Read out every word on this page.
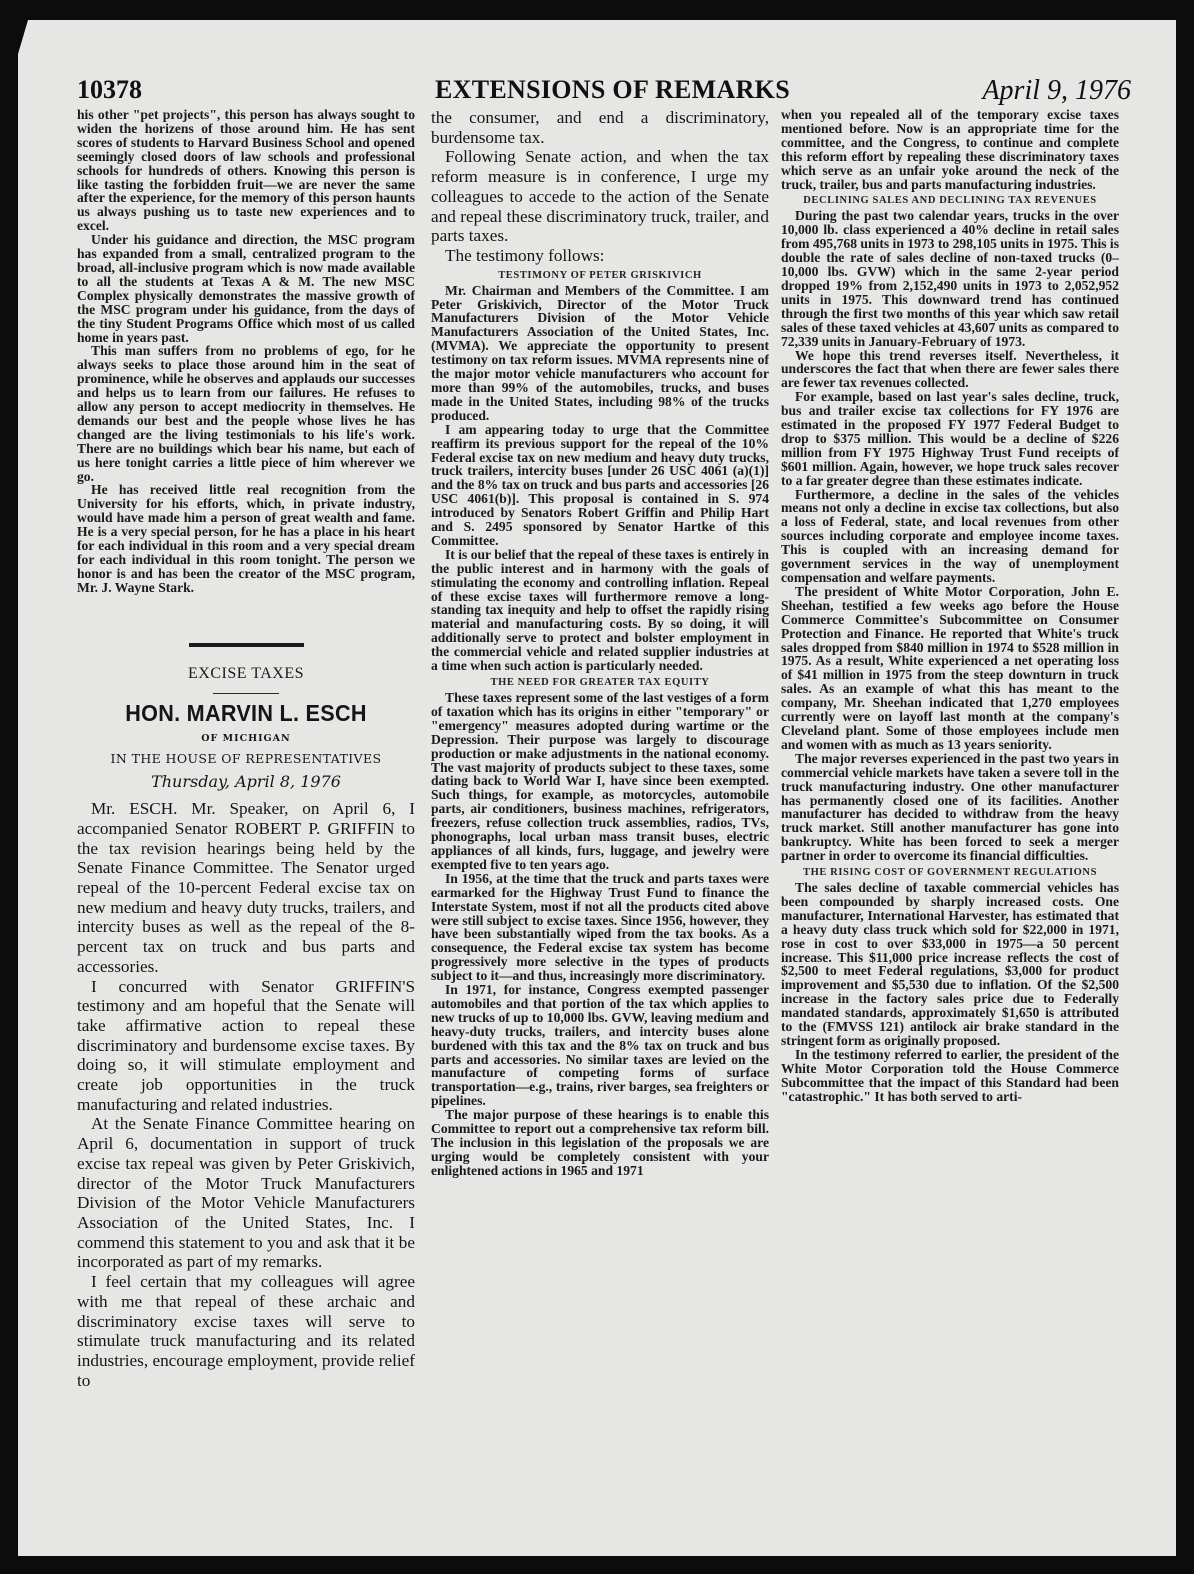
10378	EXTENSIONS OF REMARKS	April 9, 1976

his other "pet projects", this person has always sought to widen the horizens of those around him. He has sent scores of students to Harvard Business School and opened seemingly closed doors of law schools and professional schools for hundreds of others. Knowing this person is like tasting the forbidden fruit—we are never the same after the experience, for the memory of this person haunts us always pushing us to taste new experiences and to excel.

Under his guidance and direction, the MSC program has expanded from a small, centralized program to the broad, all-inclusive program which is now made available to all the students at Texas A & M. The new MSC Complex physically demonstrates the massive growth of the MSC program under his guidance, from the days of the tiny Student Programs Office which most of us called home in years past.

This man suffers from no problems of ego, for he always seeks to place those around him in the seat of prominence, while he observes and applauds our successes and helps us to learn from our failures. He refuses to allow any person to accept mediocrity in themselves. He demands our best and the people whose lives he has changed are the living testimonials to his life's work. There are no buildings which bear his name, but each of us here tonight carries a little piece of him wherever we go.

He has received little real recognition from the University for his efforts, which, in private industry, would have made him a person of great wealth and fame. He is a very special person, for he has a place in his heart for each individual in this room and a very special dream for each individual in this room tonight. The person we honor is and has been the creator of the MSC program, Mr. J. Wayne Stark.

EXCISE TAXES
HON. MARVIN L. ESCH
OF MICHIGAN
IN THE HOUSE OF REPRESENTATIVES
Thursday, April 8, 1976

Mr. ESCH. Mr. Speaker, on April 6, I accompanied Senator ROBERT P. GRIFFIN to the tax revision hearings being held by the Senate Finance Committee. The Senator urged repeal of the 10-percent Federal excise tax on new medium and heavy duty trucks, trailers, and intercity buses as well as the repeal of the 8-percent tax on truck and bus parts and accessories.

I concurred with Senator GRIFFIN'S testimony and am hopeful that the Senate will take affirmative action to repeal these discriminatory and burdensome excise taxes. By doing so, it will stimulate employment and create job opportunities in the truck manufacturing and related industries.

At the Senate Finance Committee hearing on April 6, documentation in support of truck excise tax repeal was given by Peter Griskivich, director of the Motor Truck Manufacturers Division of the Motor Vehicle Manufacturers Association of the United States, Inc. I commend this statement to you and ask that it be incorporated as part of my remarks.

I feel certain that my colleagues will agree with me that repeal of these archaic and discriminatory excise taxes will serve to stimulate truck manufacturing and its related industries, encourage employment, provide relief to

the consumer, and end a discriminatory, burdensome tax.

Following Senate action, and when the tax reform measure is in conference, I urge my colleagues to accede to the action of the Senate and repeal these discriminatory truck, trailer, and parts taxes.

The testimony follows:

TESTIMONY OF PETER GRISKIVICH

Mr. Chairman and Members of the Committee. I am Peter Griskivich, Director of the Motor Truck Manufacturers Division of the Motor Vehicle Manufacturers Association of the United States, Inc. (MVMA). We appreciate the opportunity to present testimony on tax reform issues. MVMA represents nine of the major motor vehicle manufacturers who account for more than 99% of the automobiles, trucks, and buses made in the United States, including 98% of the trucks produced.

I am appearing today to urge that the Committee reaffirm its previous support for the repeal of the 10% Federal excise tax on new medium and heavy duty trucks, truck trailers, intercity buses [under 26 USC 4061 (a)(1)] and the 8% tax on truck and bus parts and accessories [26 USC 4061(b)]. This proposal is contained in S. 974 introduced by Senators Robert Griffin and Philip Hart and S. 2495 sponsored by Senator Hartke of this Committee.

It is our belief that the repeal of these taxes is entirely in the public interest and in harmony with the goals of stimulating the economy and controlling inflation. Repeal of these excise taxes will furthermore remove a long-standing tax inequity and help to offset the rapidly rising material and manufacturing costs. By so doing, it will additionally serve to protect and bolster employment in the commercial vehicle and related supplier industries at a time when such action is particularly needed.

THE NEED FOR GREATER TAX EQUITY

These taxes represent some of the last vestiges of a form of taxation which has its origins in either "temporary" or "emergency" measures adopted during wartime or the Depression. Their purpose was largely to discourage production or make adjustments in the national economy. The vast majority of products subject to these taxes, some dating back to World War I, have since been exempted. Such things, for example, as motorcycles, automobile parts, air conditioners, business machines, refrigerators, freezers, refuse collection truck assemblies, radios, TVs, phonographs, local urban mass transit buses, electric appliances of all kinds, furs, luggage, and jewelry were exempted five to ten years ago.

In 1956, at the time that the truck and parts taxes were earmarked for the Highway Trust Fund to finance the Interstate System, most if not all the products cited above were still subject to excise taxes. Since 1956, however, they have been substantially wiped from the tax books. As a consequence, the Federal excise tax system has become progressively more selective in the types of products subject to it—and thus, increasingly more discriminatory.

In 1971, for instance, Congress exempted passenger automobiles and that portion of the tax which applies to new trucks of up to 10,000 lbs. GVW, leaving medium and heavy-duty trucks, trailers, and intercity buses alone burdened with this tax and the 8% tax on truck and bus parts and accessories. No similar taxes are levied on the manufacture of competing forms of surface transportation—e.g., trains, river barges, sea freighters or pipelines.

The major purpose of these hearings is to enable this Committee to report out a comprehensive tax reform bill. The inclusion in this legislation of the proposals we are urging would be completely consistent with your enlightened actions in 1965 and 1971

when you repealed all of the temporary excise taxes mentioned before. Now is an appropriate time for the committee, and the Congress, to continue and complete this reform effort by repealing these discriminatory taxes which serve as an unfair yoke around the neck of the truck, trailer, bus and parts manufacturing industries.

DECLINING SALES AND DECLINING TAX REVENUES

During the past two calendar years, trucks in the over 10,000 lb. class experienced a 40% decline in retail sales from 495,768 units in 1973 to 298,105 units in 1975. This is double the rate of sales decline of non-taxed trucks (0–10,000 lbs. GVW) which in the same 2-year period dropped 19% from 2,152,490 units in 1973 to 2,052,952 units in 1975. This downward trend has continued through the first two months of this year which saw retail sales of these taxed vehicles at 43,607 units as compared to 72,339 units in January-February of 1973.

We hope this trend reverses itself. Nevertheless, it underscores the fact that when there are fewer sales there are fewer tax revenues collected.

For example, based on last year's sales decline, truck, bus and trailer excise tax collections for FY 1976 are estimated in the proposed FY 1977 Federal Budget to drop to $375 million. This would be a decline of $226 million from FY 1975 Highway Trust Fund receipts of $601 million. Again, however, we hope truck sales recover to a far greater degree than these estimates indicate.

Furthermore, a decline in the sales of the vehicles means not only a decline in excise tax collections, but also a loss of Federal, state, and local revenues from other sources including corporate and employee income taxes. This is coupled with an increasing demand for government services in the way of unemployment compensation and welfare payments.

The president of White Motor Corporation, John E. Sheehan, testified a few weeks ago before the House Commerce Committee's Subcommittee on Consumer Protection and Finance. He reported that White's truck sales dropped from $840 million in 1974 to $528 million in 1975. As a result, White experienced a net operating loss of $41 million in 1975 from the steep downturn in truck sales. As an example of what this has meant to the company, Mr. Sheehan indicated that 1,270 employees currently were on layoff last month at the company's Cleveland plant. Some of those employees include men and women with as much as 13 years seniority.

The major reverses experienced in the past two years in commercial vehicle markets have taken a severe toll in the truck manufacturing industry. One other manufacturer has permanently closed one of its facilities. Another manufacturer has decided to withdraw from the heavy truck market. Still another manufacturer has gone into bankruptcy. White has been forced to seek a merger partner in order to overcome its financial difficulties.

THE RISING COST OF GOVERNMENT REGULATIONS

The sales decline of taxable commercial vehicles has been compounded by sharply increased costs. One manufacturer, International Harvester, has estimated that a heavy duty class truck which sold for $22,000 in 1971, rose in cost to over $33,000 in 1975—a 50 percent increase. This $11,000 price increase reflects the cost of $2,500 to meet Federal regulations, $3,000 for product improvement and $5,530 due to inflation. Of the $2,500 increase in the factory sales price due to Federally mandated standards, approximately $1,650 is attributed to the (FMVSS 121) antilock air brake standard in the stringent form as originally proposed.

In the testimony referred to earlier, the president of the White Motor Corporation told the House Commerce Subcommittee that the impact of this Standard had been "catastrophic." It has both served to arti-
